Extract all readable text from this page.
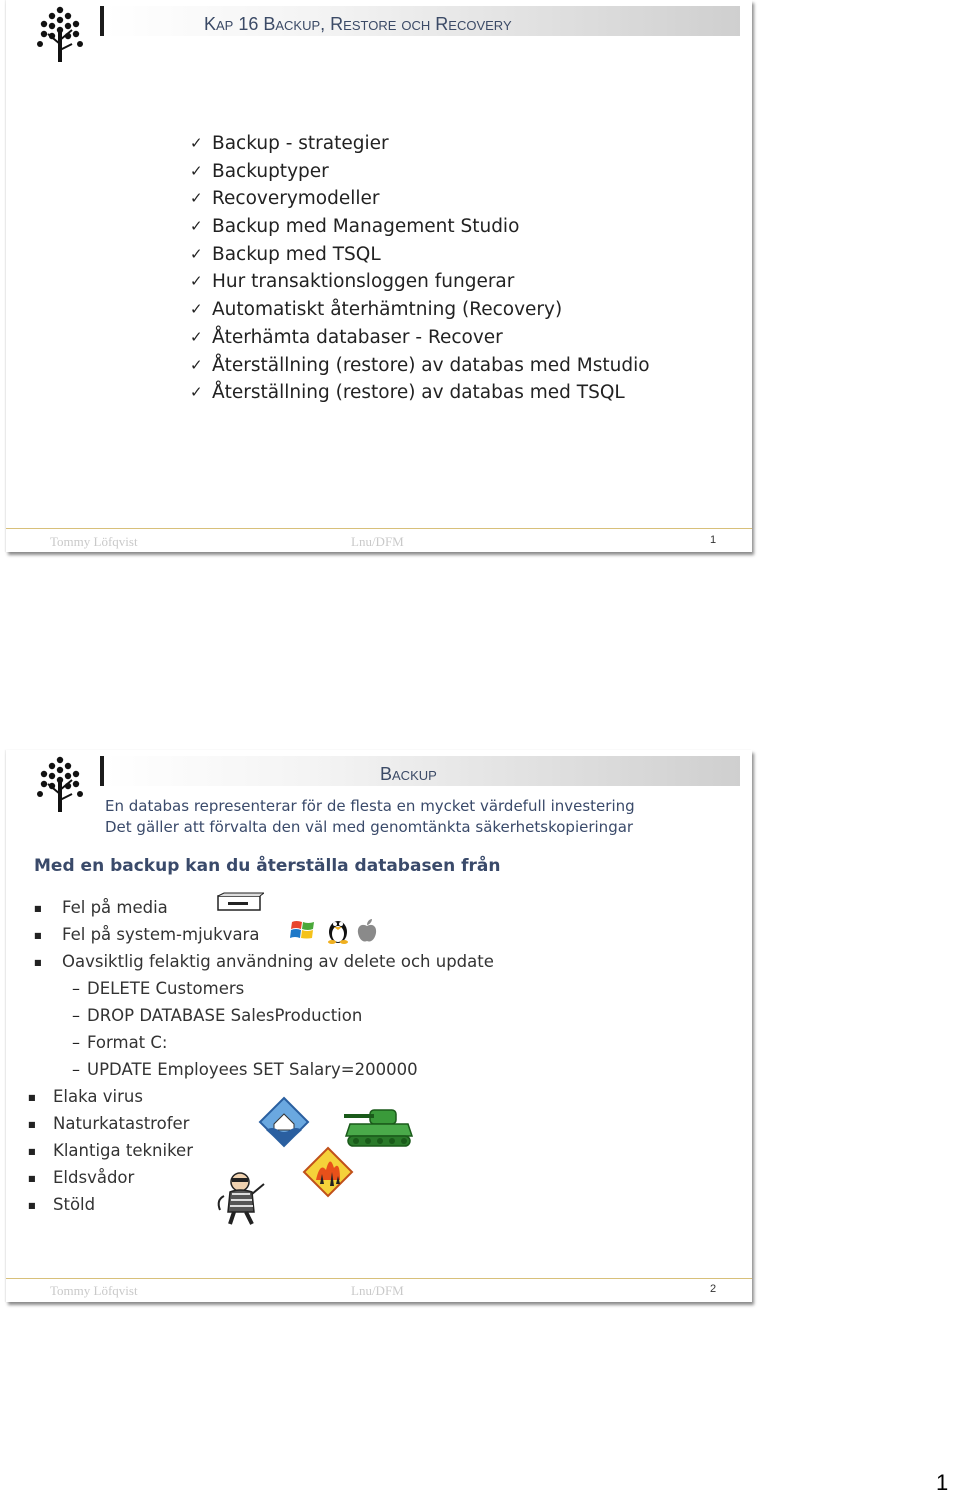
Kap 16 Backup, Restore och Recovery
✓ Backup - strategier
✓ Backuptyper
✓ Recoverymodeller
✓ Backup med Management Studio
✓ Backup med TSQL
✓ Hur transaktionsloggen fungerar
✓ Automatiskt återhämtning (Recovery)
✓ Återhämta databaser - Recover
✓ Återställning (restore) av databas med Mstudio
✓ Återställning (restore) av databas med TSQL
Tommy Löfqvist	Lnu/DFM	1
Backup
En databas representerar för de flesta en mycket värdefull investering
Det gäller att förvalta den väl med genomtänkta säkerhetskopieringar
Med en backup kan du återställa databasen från
■ Fel på media
■ Fel på system-mjukvara
■ Oavsiktlig felaktig användning av delete och update
– DELETE Customers
– DROP DATABASE SalesProduction
– Format C:
– UPDATE Employees SET Salary=200000
■ Elaka virus
■ Naturkatastrofer
■ Klantiga tekniker
■ Eldsvådor
■ Stöld
Tommy Löfqvist	Lnu/DFM	2
1
